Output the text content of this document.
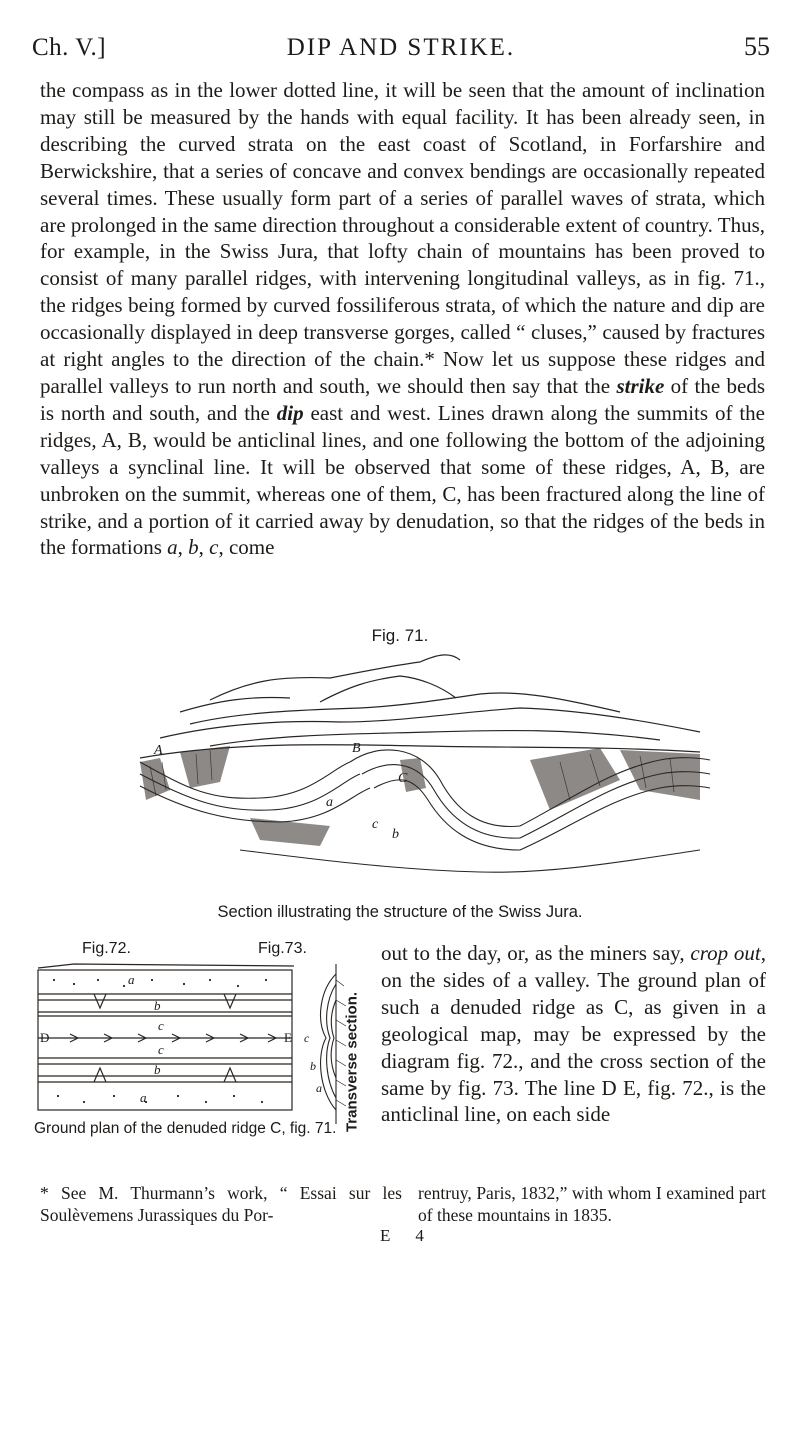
Ch. V.]	DIP AND STRIKE.	55

the compass as in the lower dotted line, it will be seen that the amount of inclination may still be measured by the hands with equal facility. It has been already seen, in describing the curved strata on the east coast of Scotland, in Forfarshire and Berwickshire, that a series of concave and convex bendings are occasionally repeated several times. These usually form part of a series of parallel waves of strata, which are prolonged in the same direction throughout a considerable extent of country. Thus, for example, in the Swiss Jura, that lofty chain of mountains has been proved to consist of many parallel ridges, with intervening longitudinal valleys, as in fig. 71., the ridges being formed by curved fossiliferous strata, of which the nature and dip are occasionally displayed in deep transverse gorges, called “ cluses,” caused by fractures at right angles to the direction of the chain.* Now let us suppose these ridges and parallel valleys to run north and south, we should then say that the strike of the beds is north and south, and the dip east and west. Lines drawn along the summits of the ridges, A, B, would be anticlinal lines, and one following the bottom of the adjoining valleys a synclinal line. It will be observed that some of these ridges, A, B, are unbroken on the summit, whereas one of them, C, has been fractured along the line of strike, and a portion of it carried away by denudation, so that the ridges of the beds in the formations a, b, c, come

Fig. 71.
A	B
C
c
b
a
Section illustrating the structure of the Swiss Jura.
Fig.72.	Fig.73.
a
b
c
c
b
a
D	E c
b
a Transverse section.
Ground plan of the denuded ridge C, fig. 71.

out to the day, or, as the miners say, crop out, on the sides of a valley. The ground plan of such a denuded ridge as C, as given in a geological map, may be expressed by the diagram fig. 72., and the cross section of the same by fig. 73. The line D E, fig. 72., is the anticlinal line, on each side

* See M. Thurmann’s work, “ Essai sur les Soulèvemens Jurassiques du Por-

rentruy, Paris, 1832,” with whom I examined part of these mountains in 1835.

E 4
